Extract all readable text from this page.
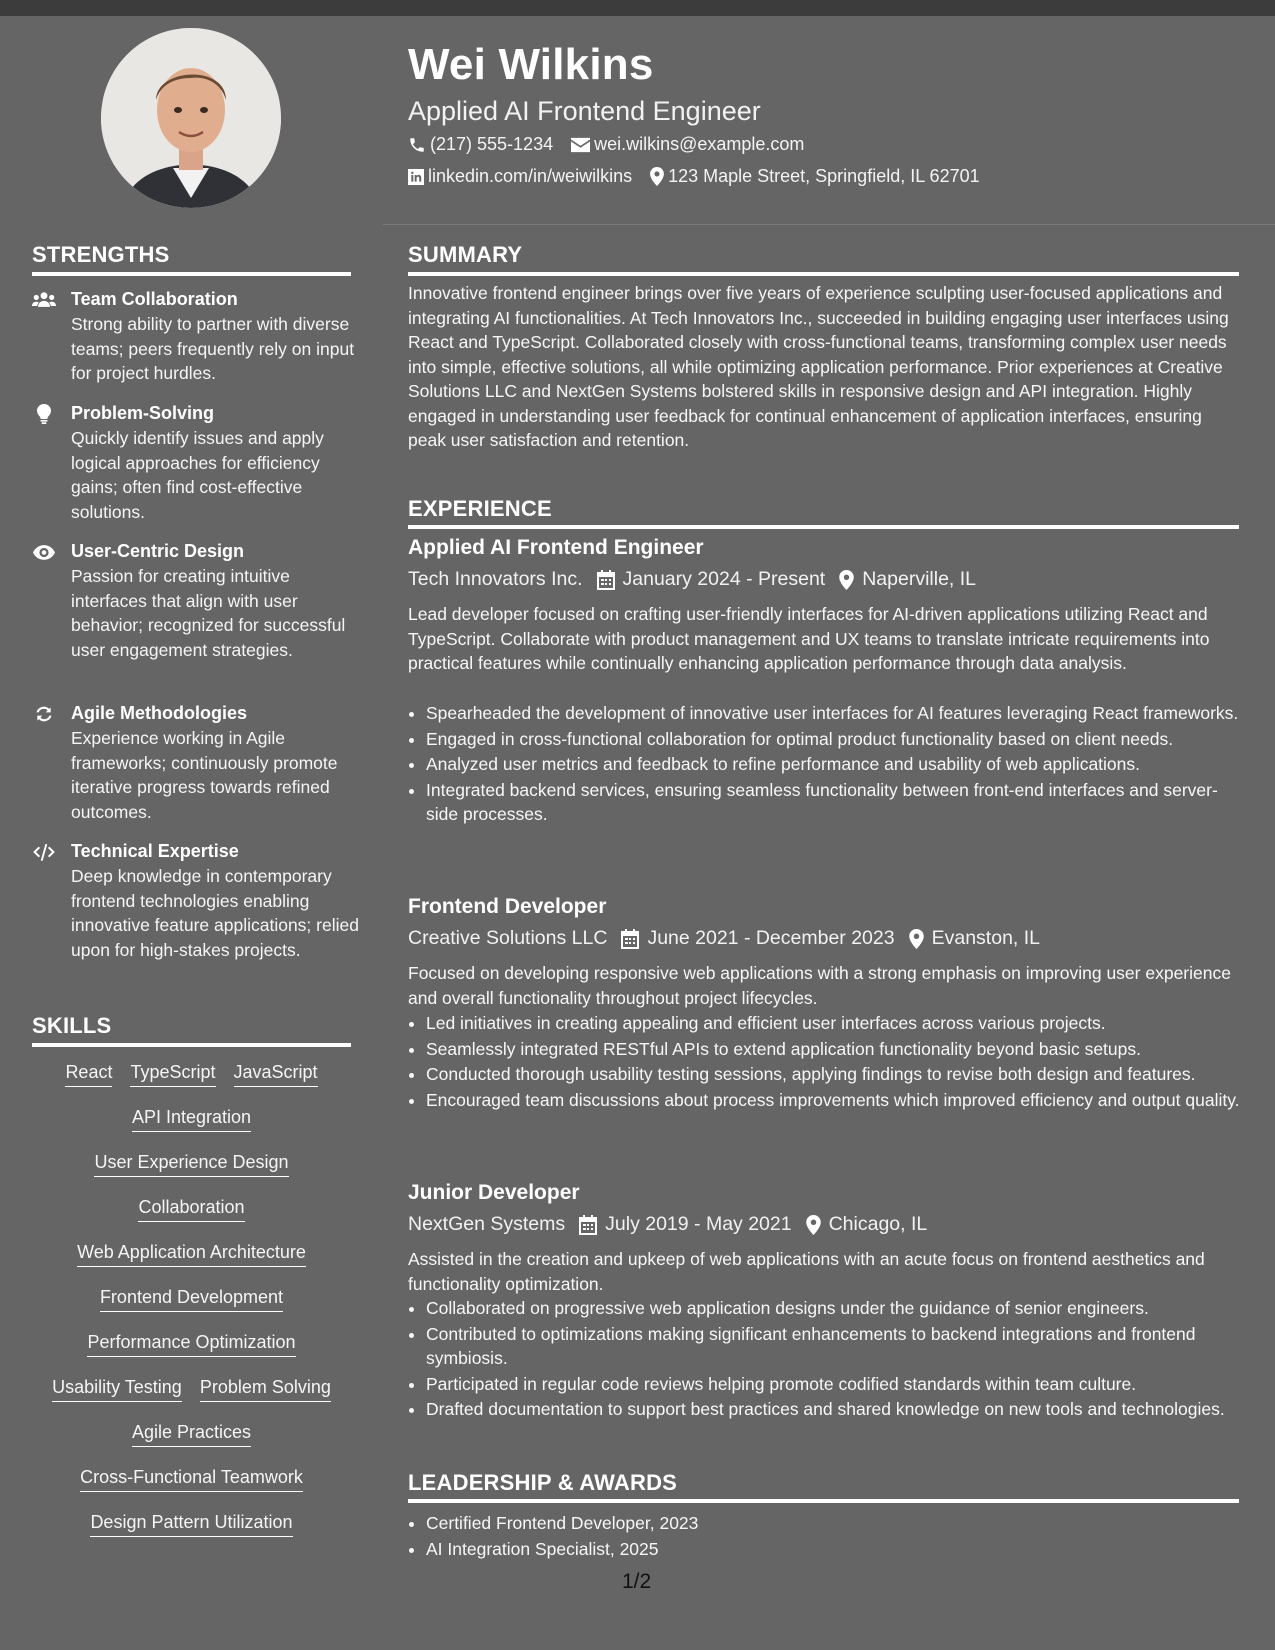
Wei Wilkins
Applied AI Frontend Engineer
(217) 555-1234 wei.wilkins@example.com
linkedin.com/in/weiwilkins 123 Maple Street, Springfield, IL 62701
STRENGTHS
Team Collaboration
Strong ability to partner with diverse teams; peers frequently rely on input for project hurdles.
Problem-Solving
Quickly identify issues and apply logical approaches for efficiency gains; often find cost-effective solutions.
User-Centric Design
Passion for creating intuitive interfaces that align with user behavior; recognized for successful user engagement strategies.
Agile Methodologies
Experience working in Agile frameworks; continuously promote iterative progress towards refined outcomes.
Technical Expertise
Deep knowledge in contemporary frontend technologies enabling innovative feature applications; relied upon for high-stakes projects.
SKILLS
React TypeScript JavaScript
API Integration
User Experience Design
Collaboration
Web Application Architecture
Frontend Development
Performance Optimization
Usability Testing Problem Solving
Agile Practices
Cross-Functional Teamwork
Design Pattern Utilization
SUMMARY
Innovative frontend engineer brings over five years of experience sculpting user-focused applications and integrating AI functionalities. At Tech Innovators Inc., succeeded in building engaging user interfaces using React and TypeScript. Collaborated closely with cross-functional teams, transforming complex user needs into simple, effective solutions, all while optimizing application performance. Prior experiences at Creative Solutions LLC and NextGen Systems bolstered skills in responsive design and API integration. Highly engaged in understanding user feedback for continual enhancement of application interfaces, ensuring peak user satisfaction and retention.
EXPERIENCE
Applied AI Frontend Engineer
Tech Innovators Inc. January 2024 - Present Naperville, IL
Lead developer focused on crafting user-friendly interfaces for AI-driven applications utilizing React and TypeScript. Collaborate with product management and UX teams to translate intricate requirements into practical features while continually enhancing application performance through data analysis.
• Spearheaded the development of innovative user interfaces for AI features leveraging React frameworks.
• Engaged in cross-functional collaboration for optimal product functionality based on client needs.
• Analyzed user metrics and feedback to refine performance and usability of web applications.
• Integrated backend services, ensuring seamless functionality between front-end interfaces and server-side processes.
Frontend Developer
Creative Solutions LLC June 2021 - December 2023 Evanston, IL
Focused on developing responsive web applications with a strong emphasis on improving user experience and overall functionality throughout project lifecycles.
• Led initiatives in creating appealing and efficient user interfaces across various projects.
• Seamlessly integrated RESTful APIs to extend application functionality beyond basic setups.
• Conducted thorough usability testing sessions, applying findings to revise both design and features.
• Encouraged team discussions about process improvements which improved efficiency and output quality.
Junior Developer
NextGen Systems July 2019 - May 2021 Chicago, IL
Assisted in the creation and upkeep of web applications with an acute focus on frontend aesthetics and functionality optimization.
• Collaborated on progressive web application designs under the guidance of senior engineers.
• Contributed to optimizations making significant enhancements to backend integrations and frontend symbiosis.
• Participated in regular code reviews helping promote codified standards within team culture.
• Drafted documentation to support best practices and shared knowledge on new tools and technologies.
LEADERSHIP & AWARDS
• Certified Frontend Developer, 2023
• AI Integration Specialist, 2025
1/2
